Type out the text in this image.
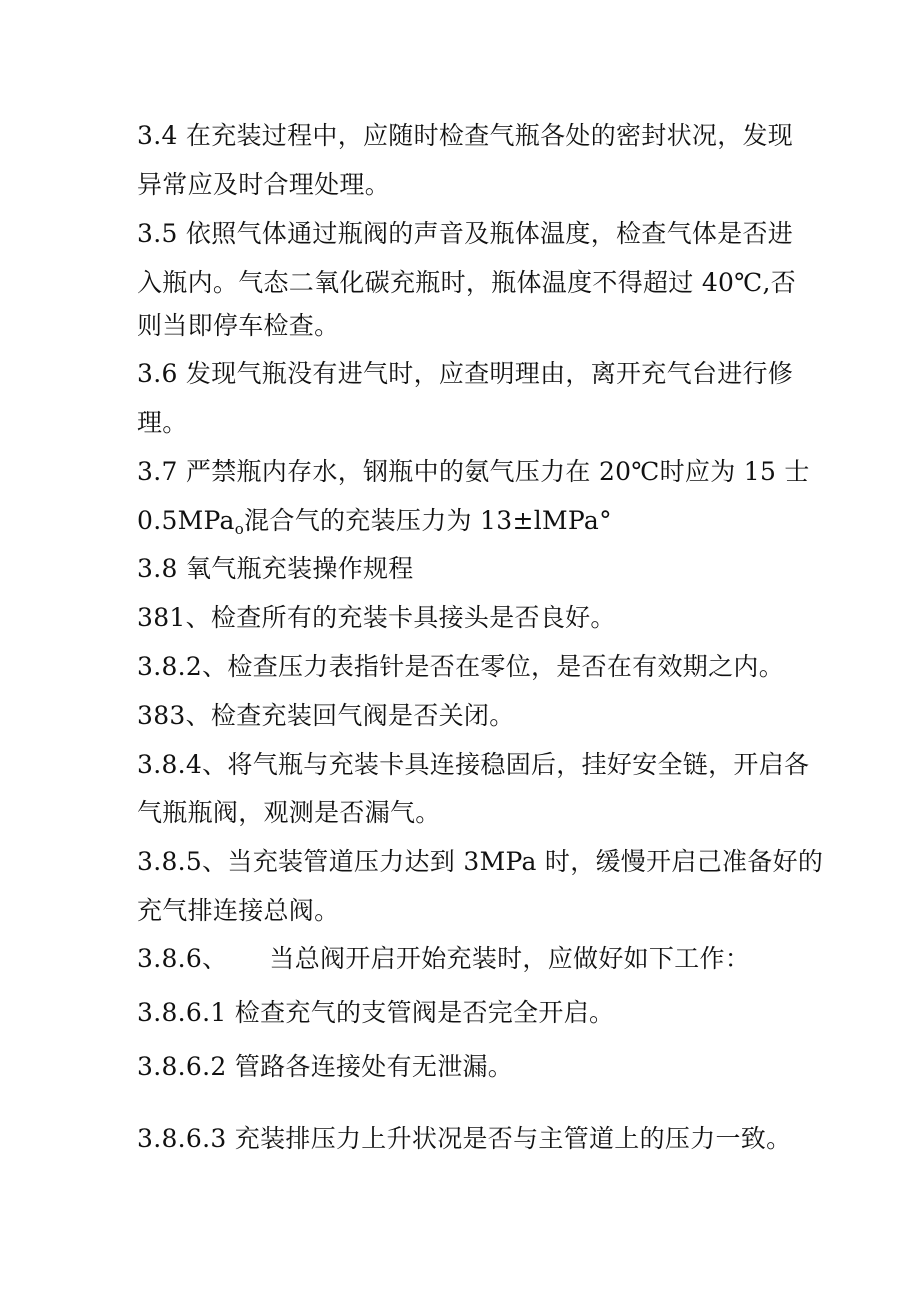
3.4 在充装过程中，应随时检查气瓶各处的密封状况，发现
异常应及时合理处理。
3.5 依照气体通过瓶阀的声音及瓶体温度，检查气体是否进
入瓶内。气态二氧化碳充瓶时，瓶体温度不得超过 40℃,否
则当即停车检查。
3.6 发现气瓶没有进气时，应查明理由，离开充气台进行修
理。
3.7 严禁瓶内存水，钢瓶中的氨气压力在 20℃时应为 15 士
0.5MPa$_o$混合气的充装压力为 13±lMPa°
3.8 氧气瓶充装操作规程
381、检查所有的充装卡具接头是否良好。
3.8.2、检查压力表指针是否在零位，是否在有效期之内。
383、检查充装回气阀是否关闭。
3.8.4、将气瓶与充装卡具连接稳固后，挂好安全链，开启各
气瓶瓶阀，观测是否漏气。
3.8.5、当充装管道压力达到 3MPa 时，缓慢开启己准备好的
充气排连接总阀。
3.8.6、 当总阀开启开始充装时，应做好如下工作：
3.8.6.1 检查充气的支管阀是否完全开启。
3.8.6.2 管路各连接处有无泄漏。
3.8.6.3 充装排压力上升状况是否与主管道上的压力一致。
